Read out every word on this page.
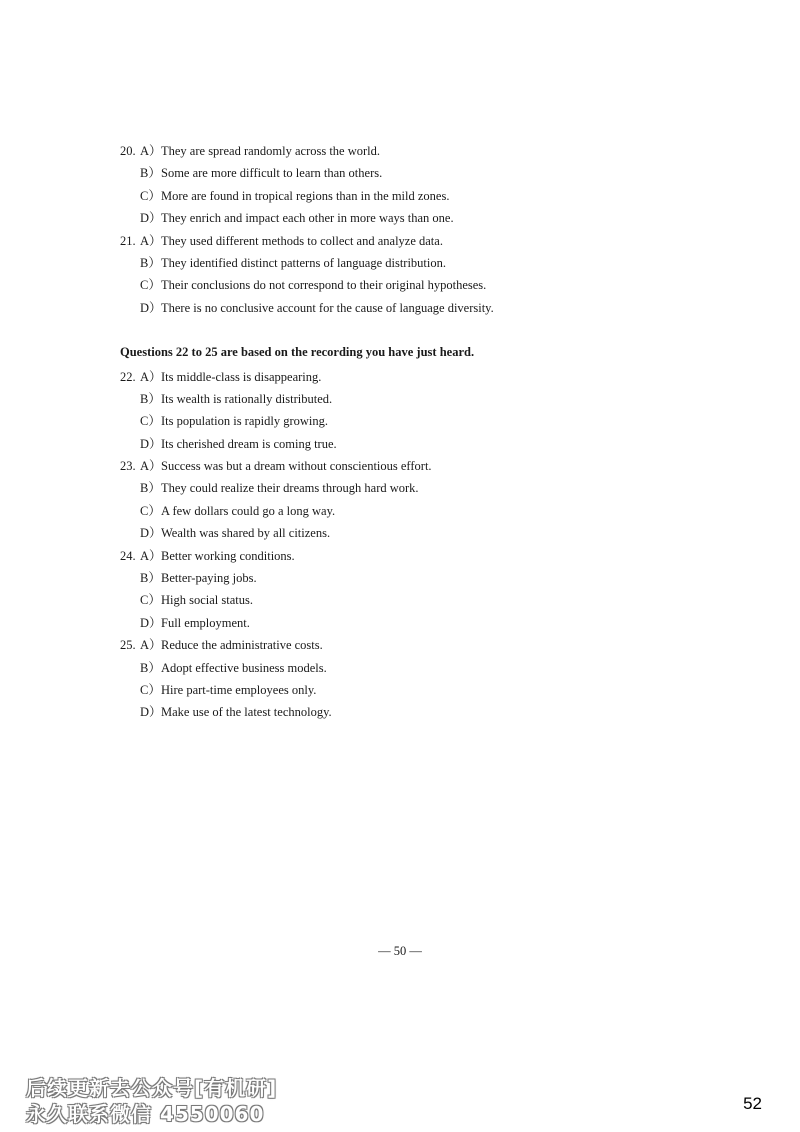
20. A）They are spread randomly across the world.
B）Some are more difficult to learn than others.
C）More are found in tropical regions than in the mild zones.
D）They enrich and impact each other in more ways than one.
21. A）They used different methods to collect and analyze data.
B）They identified distinct patterns of language distribution.
C）Their conclusions do not correspond to their original hypotheses.
D）There is no conclusive account for the cause of language diversity.
Questions 22 to 25 are based on the recording you have just heard.
22. A）Its middle-class is disappearing.
B）Its wealth is rationally distributed.
C）Its population is rapidly growing.
D）Its cherished dream is coming true.
23. A）Success was but a dream without conscientious effort.
B）They could realize their dreams through hard work.
C）A few dollars could go a long way.
D）Wealth was shared by all citizens.
24. A）Better working conditions.
B）Better-paying jobs.
C）High social status.
D）Full employment.
25. A）Reduce the administrative costs.
B）Adopt effective business models.
C）Hire part-time employees only.
D）Make use of the latest technology.
— 50 —
后续更新去公众号[有机研]
永久联系微信 4550060	52
